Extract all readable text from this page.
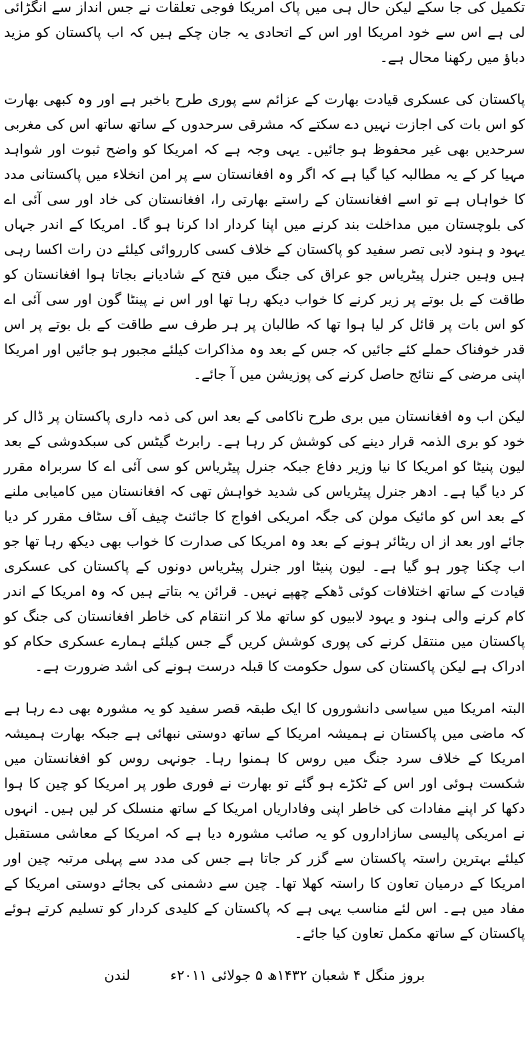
تکمیل کی جا سکے لیکن حال ہی میں پاک امریکا فوجی تعلقات نے جس انداز سے انگڑائی لی ہے اس سے خود امریکا اور اس کے اتحادی یہ جان چکے ہیں کہ اب پاکستان کو مزید دباؤ میں رکھنا محال ہے۔

پاکستان کی عسکری قیادت بھارت کے عزائم سے پوری طرح باخبر ہے اور وہ کبھی بھارت کو اس بات کی اجازت نہیں دے سکتے کہ مشرقی سرحدوں کے ساتھ ساتھ اس کی مغربی سرحدیں بھی غیر محفوظ ہو جائیں۔ یہی وجہ ہے کہ امریکا کو واضح ثبوت اور شواہد مہیا کر کے یہ مطالبہ کیا گیا ہے کہ اگر وہ افغانستان سے پر امن انخلاء میں پاکستانی مدد کا خواہاں ہے تو اسے افغانستان کے راستے بھارتی را، افغانستان کی خاد اور سی آئی اے کی بلوچستان میں مداخلت بند کرنے میں اپنا کردار ادا کرنا ہو گا۔ امریکا کے اندر جہاں یہود و ہنود لابی تصر سفید کو پاکستان کے خلاف کسی کارروائی کیلئے دن رات اکسا رہی ہیں وہیں جنرل پیٹریاس جو عراق کی جنگ میں فتح کے شادیانے بجاتا ہوا افغانستان کو طاقت کے بل بوتے پر زیر کرنے کا خواب دیکھ رہا تھا اور اس نے پینٹا گون اور سی آئی اے کو اس بات پر قائل کر لیا ہوا تھا کہ طالبان پر ہر طرف سے طاقت کے بل بوتے پر اس قدر خوفناک حملے کئے جائیں کہ جس کے بعد وہ مذاکرات کیلئے مجبور ہو جائیں اور امریکا اپنی مرضی کے نتائج حاصل کرنے کی پوزیشن میں آ جائے۔

لیکن اب وہ افغانستان میں بری طرح ناکامی کے بعد اس کی ذمہ داری پاکستان پر ڈال کر خود کو بری الذمہ قرار دینے کی کوشش کر رہا ہے۔ رابرٹ گیٹس کی سبکدوشی کے بعد لیون پنیٹا کو امریکا کا نیا وزیر دفاع جبکہ جنرل پیٹریاس کو سی آئی اے کا سربراہ مقرر کر دیا گیا ہے۔ ادھر جنرل پیٹریاس کی شدید خواہش تھی کہ افغانستان میں کامیابی ملنے کے بعد اس کو مائیک مولن کی جگہ امریکی افواج کا جائنٹ چیف آف سٹاف مقرر کر دیا جائے اور بعد از اں ریٹائر ہونے کے بعد وہ امریکا کی صدارت کا خواب بھی دیکھ رہا تھا جو اب چکنا چور ہو گیا ہے۔ لیون پنیٹا اور جنرل پیٹریاس دونوں کے پاکستان کی عسکری قیادت کے ساتھ اختلافات کوئی ڈھکے چھپے نہیں۔ قرائن یہ بتاتے ہیں کہ وہ امریکا کے اندر کام کرنے والی ہنود و یہود لابیوں کو ساتھ ملا کر انتقام کی خاطر افغانستان کی جنگ کو پاکستان میں منتقل کرنے کی پوری کوشش کریں گے جس کیلئے ہمارے عسکری حکام کو ادراک ہے لیکن پاکستان کی سول حکومت کا قبلہ درست ہونے کی اشد ضرورت ہے۔

البتہ امریکا میں سیاسی دانشوروں کا ایک طبقہ قصر سفید کو یہ مشورہ بھی دے رہا ہے کہ ماضی میں پاکستان نے ہمیشہ امریکا کے ساتھ دوستی نبھائی ہے جبکہ بھارت ہمیشہ امریکا کے خلاف سرد جنگ میں روس کا ہمنوا رہا۔ جونہی روس کو افغانستان میں شکست ہوئی اور اس کے ٹکڑے ہو گئے تو بھارت نے فوری طور پر امریکا کو چین کا ہوا دکھا کر اپنے مفادات کی خاطر اپنی وفاداریاں امریکا کے ساتھ منسلک کر لیں ہیں۔ انہوں نے امریکی پالیسی سازاداروں کو یہ صائب مشورہ دیا ہے کہ امریکا کے معاشی مستقبل کیلئے بہترین راستہ پاکستان سے گزر کر جاتا ہے جس کی مدد سے پہلی مرتبہ چین اور امریکا کے درمیان تعاون کا راستہ کھلا تھا۔ چین سے دشمنی کی بجائے دوستی امریکا کے مفاد میں ہے۔ اس لئے مناسب یہی ہے کہ پاکستان کے کلیدی کردار کو تسلیم کرتے ہوئے پاکستان کے ساتھ مکمل تعاون کیا جائے۔

بروز منگل ۴ شعبان ۱۴۳۲ھ ۵ جولائی ۲۰۱۱ء
لندن
